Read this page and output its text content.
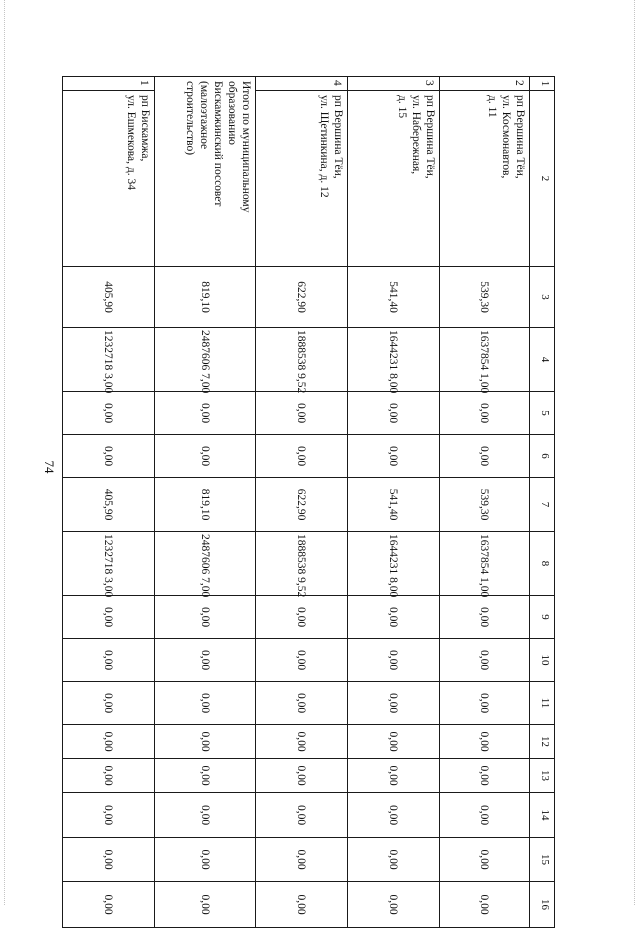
74
1	2	3	4	5	6	7	8	9	10	11	12	13	14	15	16
2	рп Вершина Тёи,
ул. Космонавтов,
д. 11	539,30	1637854 1,00	0,00	0,00	539,30	1637854 1,00	0,00	0,00	0,00	0,00	0,00	0,00	0,00	0,00
3	рп Вершина Тёи,
ул. Набережная,
д. 15	541,40	1644231 8,00	0,00	0,00	541,40	1644231 8,00	0,00	0,00	0,00	0,00	0,00	0,00	0,00	0,00
4	рп Вершина Тёи,
ул. Щетинкина, д. 12	622,90	1888538 9,52	0,00	0,00	622,90	1888538 9,52	0,00	0,00	0,00	0,00	0,00	0,00	0,00	0,00

Итого по муниципальному
образованию
Бискамжинский поссовет
(малоэтажное
строительство)		819,10	2487606 7,00	0,00	0,00	819,10	2487606 7,00	0,00	0,00	0,00	0,00	0,00	0,00	0,00	0,00
1	рп Бискамжа,
ул. Ешмекова, д. 34	405,90	1232718 3,00	0,00	0,00	405,90	1232718 3,00	0,00	0,00	0,00	0,00	0,00	0,00	0,00	0,00
